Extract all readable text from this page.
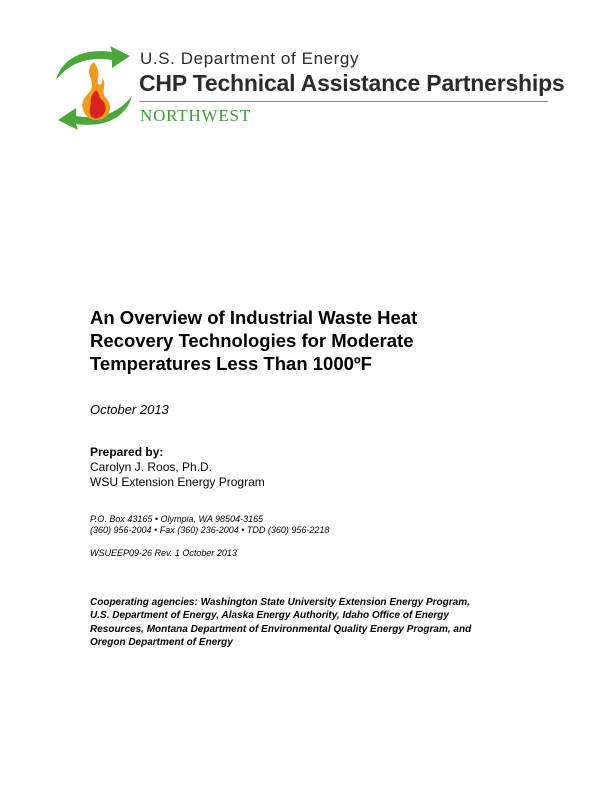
U.S. Department of Energy
CHP Technical Assistance Partnerships
NORTHWEST
An Overview of Industrial Waste Heat
Recovery Technologies for Moderate
Temperatures Less Than 1000ºF
October 2013
Prepared by:
Carolyn J. Roos, Ph.D.
WSU Extension Energy Program
P.O. Box 43165 • Olympia, WA 98504-3165
(360) 956-2004 • Fax (360) 236-2004 • TDD (360) 956-2218
WSUEEP09-26 Rev. 1 October 2013
Cooperating agencies: Washington State University Extension Energy Program,
U.S. Department of Energy, Alaska Energy Authority, Idaho Office of Energy
Resources, Montana Department of Environmental Quality Energy Program, and
Oregon Department of Energy
